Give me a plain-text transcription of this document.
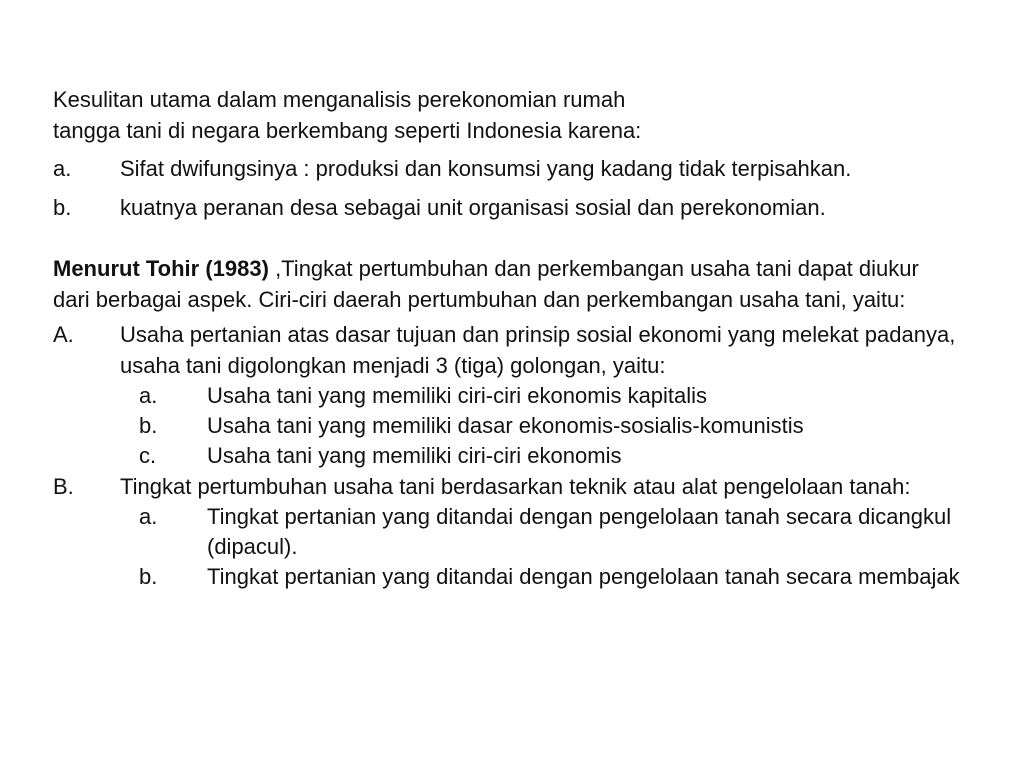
Kesulitan utama dalam menganalisis perekonomian rumah tangga tani di negara berkembang seperti Indonesia karena:

a.	Sifat dwifungsinya : produksi dan konsumsi yang kadang tidak terpisahkan.
b.	kuatnya peranan desa sebagai unit organisasi sosial dan perekonomian.

Menurut Tohir (1983) ,Tingkat pertumbuhan dan perkembangan usaha tani dapat diukur dari berbagai aspek. Ciri-ciri daerah pertumbuhan dan perkembangan usaha tani, yaitu:

A.	Usaha pertanian atas dasar tujuan dan prinsip sosial ekonomi yang melekat padanya, usaha tani digolongkan menjadi 3 (tiga) golongan, yaitu:
a.	Usaha tani yang memiliki ciri-ciri ekonomis kapitalis
b.	Usaha tani yang memiliki dasar ekonomis-sosialis-komunistis
c.	Usaha tani yang memiliki ciri-ciri ekonomis
B.	Tingkat pertumbuhan usaha tani berdasarkan teknik atau alat pengelolaan tanah:
a.	Tingkat pertanian yang ditandai dengan pengelolaan tanah secara dicangkul (dipacul).
b.	Tingkat pertanian yang ditandai dengan pengelolaan tanah secara membajak
